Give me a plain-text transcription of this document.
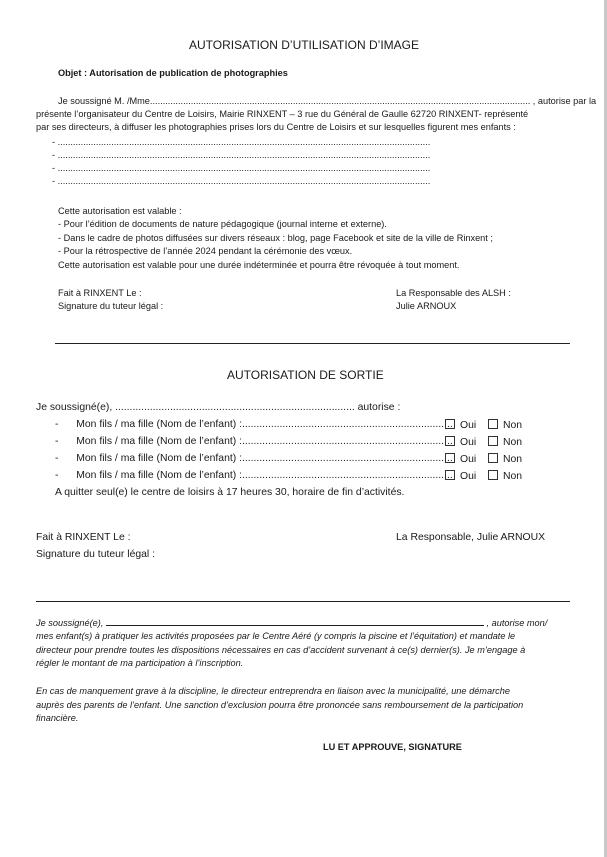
AUTORISATION D’UTILISATION D’IMAGE
Objet : Autorisation de publication de photographies
Je soussigné M. /Mme..................................................................................................................................................... , autorise par la
présente l’organisateur du Centre de Loisirs, Mairie RINXENT – 3 rue du Général de Gaulle 62720 RINXENT- représenté
par ses directeurs, à diffuser les photographies prises lors du Centre de Loisirs et sur lesquelles figurent mes enfants :
- ..................................................................................................................................................
- ..................................................................................................................................................
- ..................................................................................................................................................
- ..................................................................................................................................................
Cette autorisation est valable :
- Pour l’édition de documents de nature pédagogique (journal interne et externe).
- Dans le cadre de photos diffusées sur divers réseaux : blog, page Facebook et site de la ville de Rinxent ;
- Pour la rétrospective de l’année 2024 pendant la cérémonie des vœux.
Cette autorisation est valable pour une durée indéterminée et pourra être révoquée à tout moment.
Fait à RINXENT Le :
Signature du tuteur légal :
La Responsable des ALSH :
Julie ARNOUX
AUTORISATION DE SORTIE
Je soussigné(e), ................................................................................... autorise :
- Mon fils / ma fille (Nom de l’enfant) :......................................................................... Oui	Non
- Mon fils / ma fille (Nom de l’enfant) :......................................................................... Oui	Non
- Mon fils / ma fille (Nom de l’enfant) :......................................................................... Oui	Non
- Mon fils / ma fille (Nom de l’enfant) :......................................................................... Oui	Non
A quitter seul(e) le centre de loisirs à 17 heures 30, horaire de fin d’activités.
Fait à RINXENT Le :
Signature du tuteur légal :
La Responsable, Julie ARNOUX
Je soussigné(e),	, autorise mon/
mes enfant(s) à pratiquer les activités proposées par le Centre Aéré (y compris la piscine et l’équitation) et mandate le
directeur pour prendre toutes les dispositions nécessaires en cas d’accident survenant à ce(s) dernier(s). Je m’engage à
régler le montant de ma participation à l’inscription.
En cas de manquement grave à la discipline, le directeur entreprendra en liaison avec la municipalité, une démarche
auprès des parents de l’enfant. Une sanction d’exclusion pourra être prononcée sans remboursement de la participation
financière.
LU ET APPROUVE, SIGNATURE
